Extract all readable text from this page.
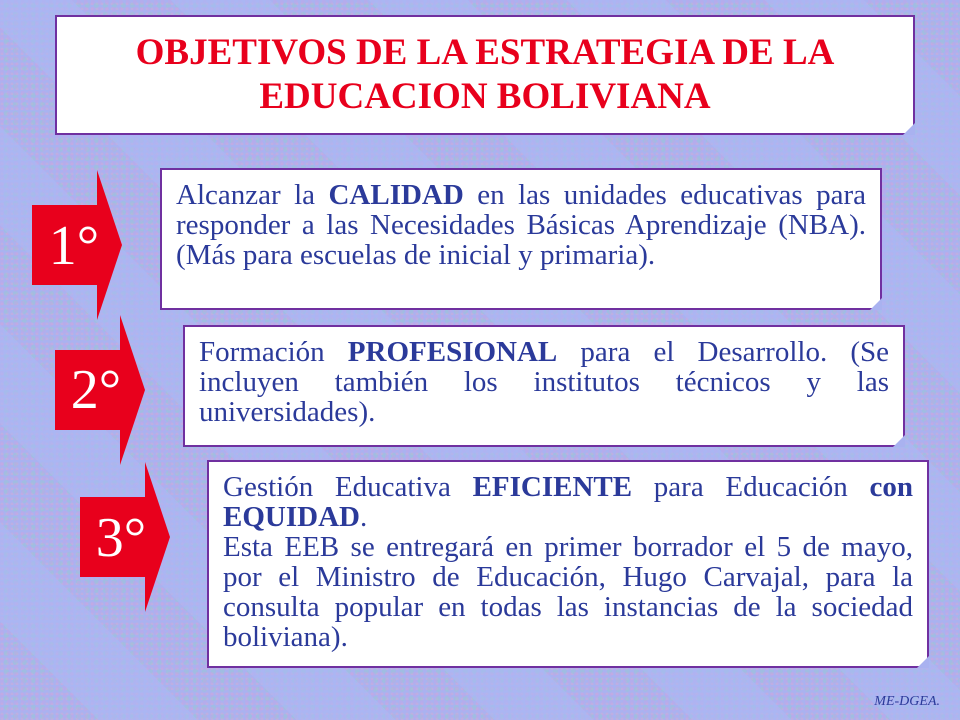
OBJETIVOS DE LA ESTRATEGIA DE LA
EDUCACION BOLIVIANA
1°

Alcanzar la CALIDAD en las unidades educativas para responder a las Necesidades Básicas Aprendizaje (NBA). (Más para escuelas de inicial y primaria).

2°

Formación PROFESIONAL para el Desarrollo. (Se incluyen también los institutos técnicos y las universidades).

3°

Gestión Educativa EFICIENTE para Educación con EQUIDAD.

Esta EEB se entregará en primer borrador el 5 de mayo, por el Ministro de Educación, Hugo Carvajal, para la consulta popular en todas las instancias de la sociedad boliviana).

ME-DGEA.
